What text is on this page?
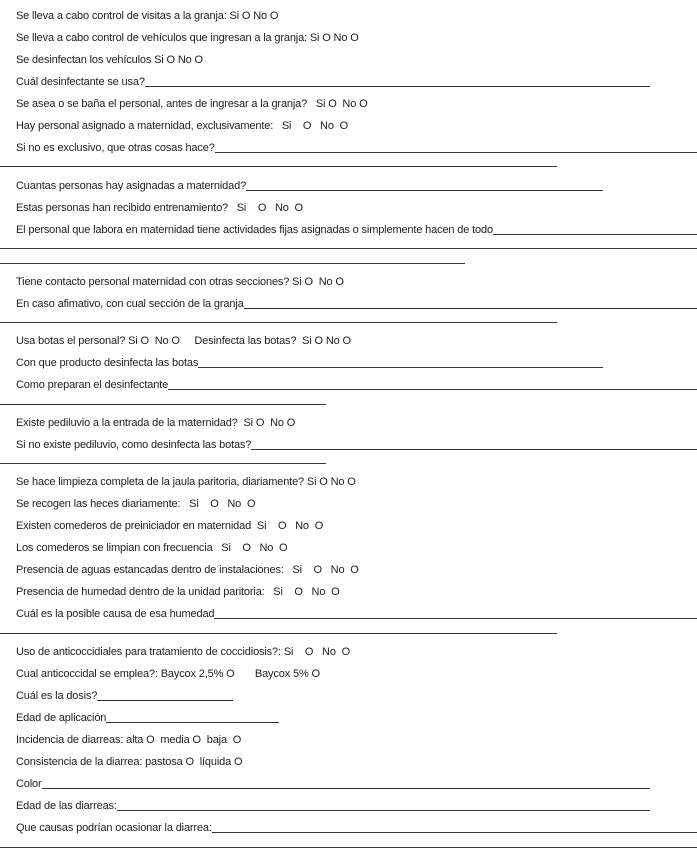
Se lleva a cabo control de visitas a la granja: Si O No O
Se lleva a cabo control de vehículos que ingresan a la granja: Si O No O
Se desinfectan los vehículos Si O No O
Cuál desinfectante se usa?
Se asea o se baña el personal, antes de ingresar a la granja?   Si O  No O
Hay personal asignado a maternidad, exclusivamente:   Si    O   No  O
Si no es exclusivo, que otras cosas hace?
Cuantas personas hay asignadas a maternidad?
Estas personas han recibido entrenamiento?   Si    O   No  O
El personal que labora en maternidad tiene actividades fijas asignadas o simplemente hacen de todo
Tiene contacto personal maternidad con otras secciones? Si O  No O
En caso afimativo, con cual sección de la granja
Usa botas el personal? Si O  No O     Desinfecta las botas?  Si O No O
Con que producto desinfecta las botas
Como preparan el desinfectante
Existe pediluvio a la entrada de la maternidad?  Si O  No O
Si no existe pediluvio, como desinfecta las botas?
Se hace limpieza completa de la jaula paritoria, diariamente? Si O No O
Se recogen las heces diariamente:   Si    O   No  O
Existen comederos de preiniciador en maternidad  Si    O   No  O
Los comederos se limpian con frecuencia   Si    O   No  O
Presencia de aguas estancadas dentro de instalaciones:   Si    O   No  O
Presencia de humedad dentro de la unidad paritoria:   Si    O   No  O
Cuál es la posible causa de esa humedad
Uso de anticoccidiales para tratamiento de coccidiosis?: Si    O   No  O
Cual anticoccidal se emplea?: Baycox 2,5% O       Baycox 5% O
Cuál es la dosis?
Edad de aplicación
Incidencia de diarreas: alta O  media O  baja  O
Consistencia de la diarrea: pastosa O  líquida O
Color
Edad de las diarreas:
Que causas podrían ocasionar la diarrea:
